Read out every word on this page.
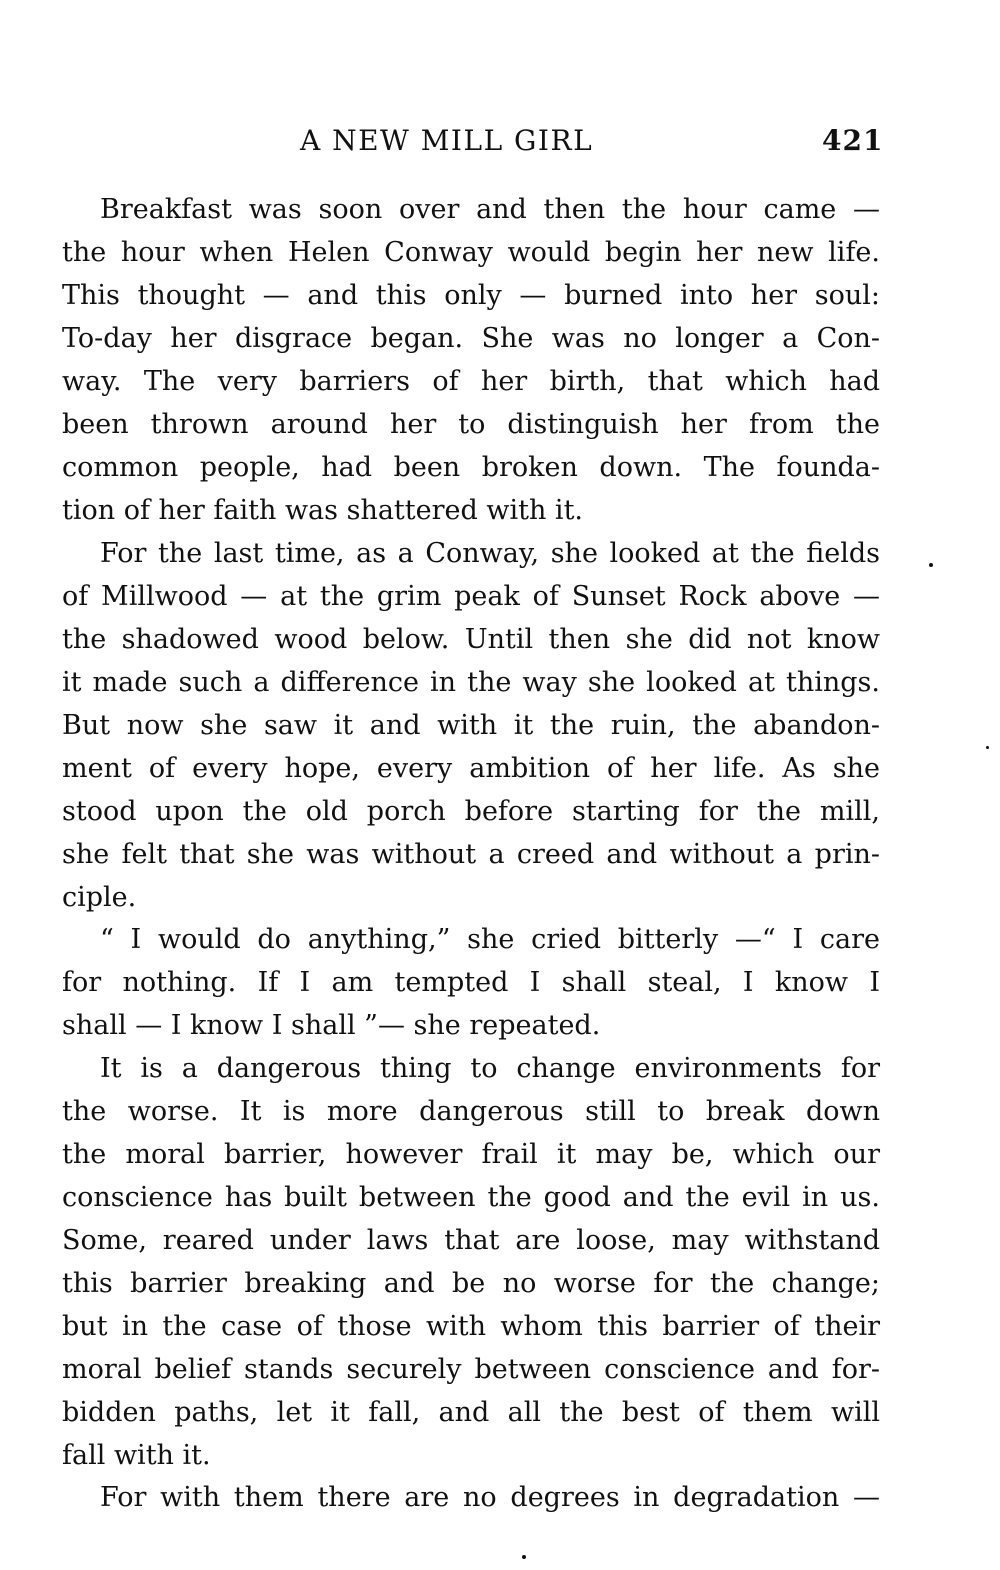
A NEW MILL GIRL	421
Breakfast was soon over and then the hour came —
the hour when Helen Conway would begin her new life.
This thought — and this only — burned into her soul:
To-day her disgrace began. She was no longer a Con-
way. The very barriers of her birth, that which had
been thrown around her to distinguish her from the
common people, had been broken down. The founda-
tion of her faith was shattered with it.
For the last time, as a Conway, she looked at the fields
of Millwood — at the grim peak of Sunset Rock above —
the shadowed wood below. Until then she did not know
it made such a difference in the way she looked at things.
But now she saw it and with it the ruin, the abandon-
ment of every hope, every ambition of her life. As she
stood upon the old porch before starting for the mill,
she felt that she was without a creed and without a prin-
ciple.
“ I would do anything,” she cried bitterly —“ I care
for nothing. If I am tempted I shall steal, I know I
shall — I know I shall ”— she repeated.
It is a dangerous thing to change environments for
the worse. It is more dangerous still to break down
the moral barrier, however frail it may be, which our
conscience has built between the good and the evil in us.
Some, reared under laws that are loose, may withstand
this barrier breaking and be no worse for the change;
but in the case of those with whom this barrier of their
moral belief stands securely between conscience and for-
bidden paths, let it fall, and all the best of them will
fall with it.
For with them there are no degrees in degradation —
